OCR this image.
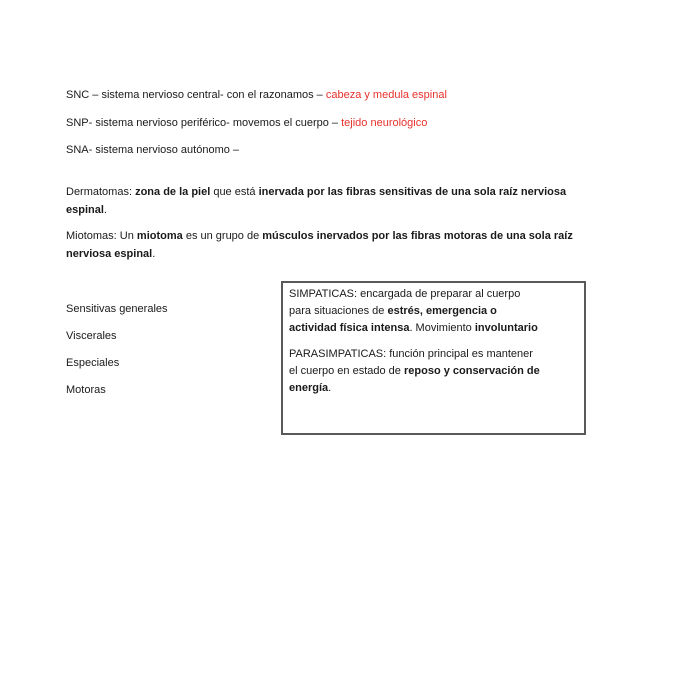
SNC – sistema nervioso central- con el razonamos – cabeza y medula espinal

SNP- sistema nervioso periférico- movemos el cuerpo – tejido neurológico

SNA- sistema nervioso autónomo –

Dermatomas: zona de la piel que está inervada por las fibras sensitivas de una sola raíz nerviosa
espinal.
Miotomas: Un miotoma es un grupo de músculos inervados por las fibras motoras de una sola raíz
nerviosa espinal.
Sensitivas generales
Viscerales
Especiales
Motoras
SIMPATICAS: encargada de preparar al cuerpo
para situaciones de estrés, emergencia o
actividad física intensa. Movimiento involuntario
PARASIMPATICAS: función principal es mantener
el cuerpo en estado de reposo y conservación de
energía.
